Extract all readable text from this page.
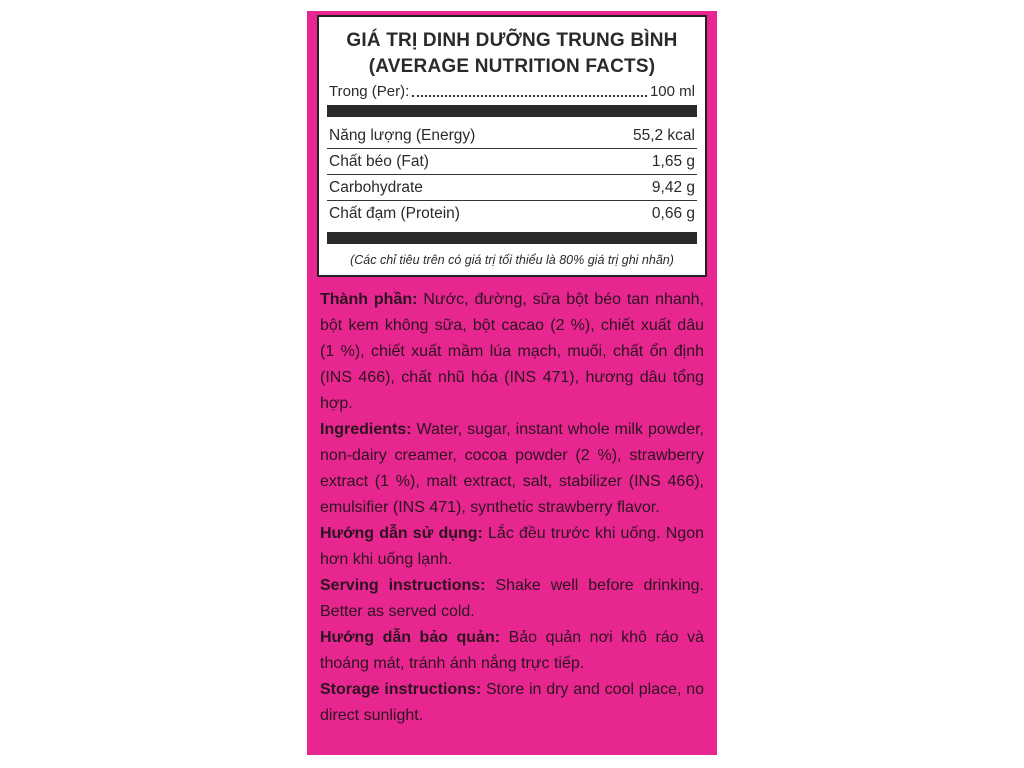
GIÁ TRỊ DINH DƯỠNG TRUNG BÌNH
(AVERAGE NUTRITION FACTS)
Trong (Per):	100 ml
Năng lượng (Energy)	55,2 kcal
Chất béo (Fat)	1,65 g
Carbohydrate	9,42 g
Chất đạm (Protein)	0,66 g
(Các chỉ tiêu trên có giá trị tối thiểu là 80% giá trị ghi nhãn)

Thành phần: Nước, đường, sữa bột béo tan nhanh, bột kem không sữa, bột cacao (2 %), chiết xuất dâu (1 %), chiết xuất mầm lúa mạch, muối, chất ổn định (INS 466), chất nhũ hóa (INS 471), hương dâu tổng hợp.

Ingredients: Water, sugar, instant whole milk powder, non-dairy creamer, cocoa powder (2 %), strawberry extract (1 %), malt extract, salt, stabilizer (INS 466), emulsifier (INS 471), synthetic strawberry flavor.

Hướng dẫn sử dụng: Lắc đều trước khi uống. Ngon hơn khi uống lạnh.

Serving instructions: Shake well before drinking. Better as served cold.

Hướng dẫn bảo quản: Bảo quản nơi khô ráo và thoáng mát, tránh ánh nắng trực tiếp.

Storage instructions: Store in dry and cool place, no direct sunlight.
